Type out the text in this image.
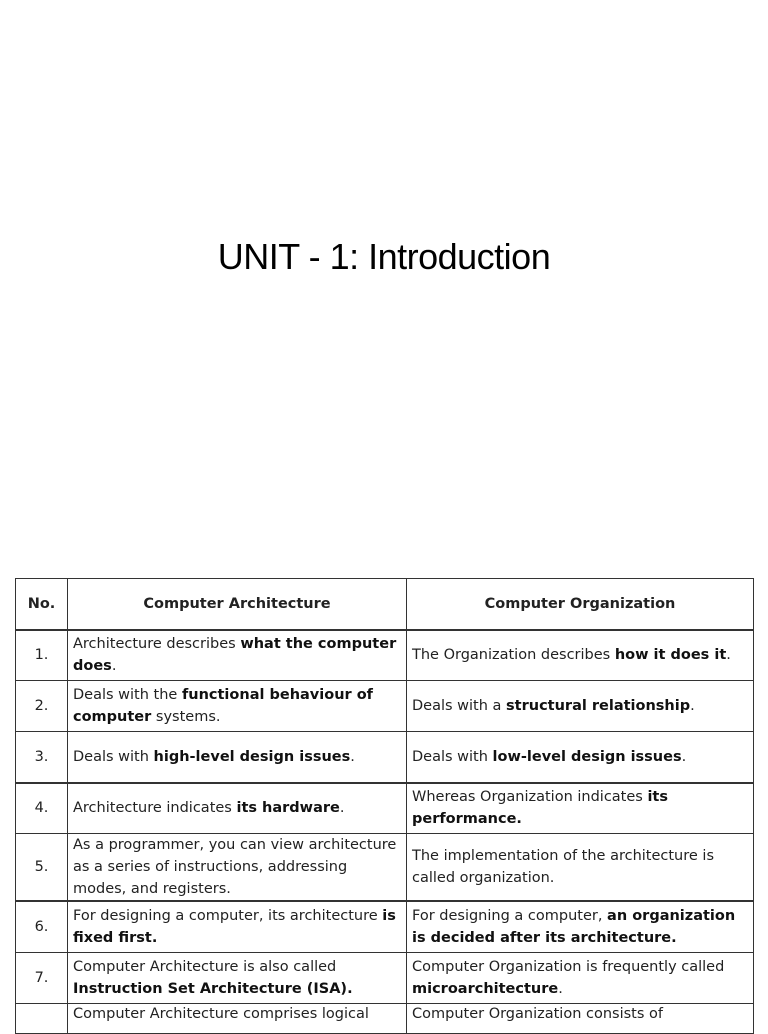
UNIT - 1: Introduction
No.	Computer Architecture	Computer Organization
1.	Architecture describes what the computer does.	The Organization describes how it does it.
2.	Deals with the functional behaviour of computer systems.	Deals with a structural relationship.
3.	Deals with high-level design issues.	Deals with low-level design issues.
4.	Architecture indicates its hardware.	Whereas Organization indicates its performance.
5.	As a programmer, you can view architecture as a series of instructions, addressing modes, and registers.	The implementation of the architecture is called organization.
6.	For designing a computer, its architecture is fixed first.	For designing a computer, an organization is decided after its architecture.
7.	Computer Architecture is also called Instruction Set Architecture (ISA).	Computer Organization is frequently called microarchitecture.
	Computer Architecture comprises logical	Computer Organization consists of
